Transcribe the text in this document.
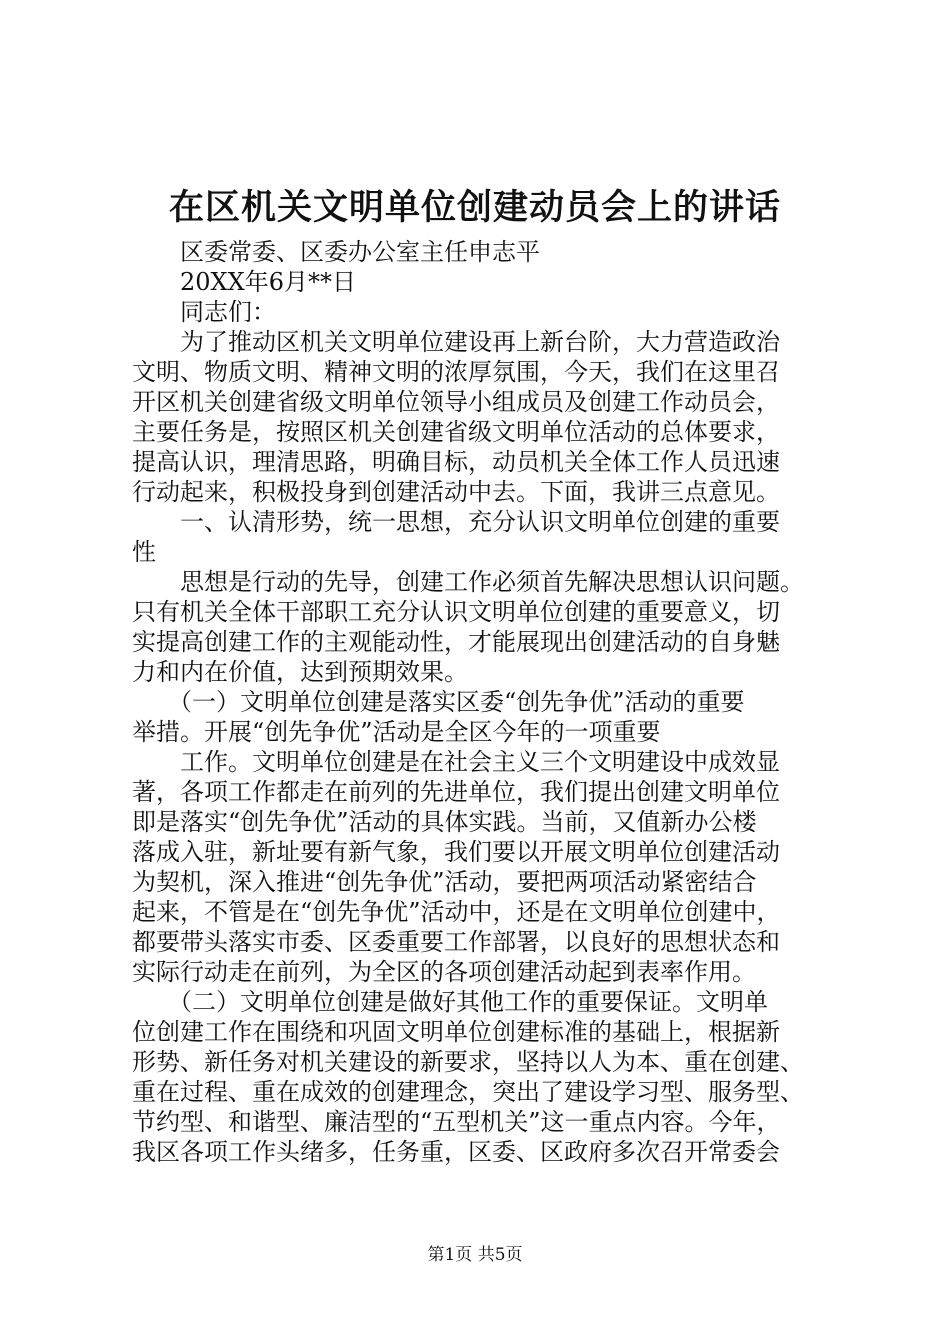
在区机关文明单位创建动员会上的讲话
　　区委常委、区委办公室主任申志平
　　20XX年6月**日
　　同志们：
　　为了推动区机关文明单位建设再上新台阶，大力营造政治
文明、物质文明、精神文明的浓厚氛围，今天，我们在这里召
开区机关创建省级文明单位领导小组成员及创建工作动员会，
主要任务是，按照区机关创建省级文明单位活动的总体要求，
提高认识，理清思路，明确目标，动员机关全体工作人员迅速
行动起来，积极投身到创建活动中去。下面，我讲三点意见。
　　一、认清形势，统一思想，充分认识文明单位创建的重要
性
　　思想是行动的先导，创建工作必须首先解决思想认识问题。
只有机关全体干部职工充分认识文明单位创建的重要意义，切
实提高创建工作的主观能动性，才能展现出创建活动的自身魅
力和内在价值，达到预期效果。
　　（一）文明单位创建是落实区委“创先争优”活动的重要
举措。开展“创先争优”活动是全区今年的一项重要
　　工作。文明单位创建是在社会主义三个文明建设中成效显
著，各项工作都走在前列的先进单位，我们提出创建文明单位
即是落实“创先争优”活动的具体实践。当前，又值新办公楼
落成入驻，新址要有新气象，我们要以开展文明单位创建活动
为契机，深入推进“创先争优”活动，要把两项活动紧密结合
起来，不管是在“创先争优”活动中，还是在文明单位创建中，
都要带头落实市委、区委重要工作部署，以良好的思想状态和
实际行动走在前列，为全区的各项创建活动起到表率作用。
　　（二）文明单位创建是做好其他工作的重要保证。文明单
位创建工作在围绕和巩固文明单位创建标准的基础上，根据新
形势、新任务对机关建设的新要求，坚持以人为本、重在创建、
重在过程、重在成效的创建理念，突出了建设学习型、服务型、
节约型、和谐型、廉洁型的“五型机关”这一重点内容。今年，
我区各项工作头绪多，任务重，区委、区政府多次召开常委会
第1页 共5页
